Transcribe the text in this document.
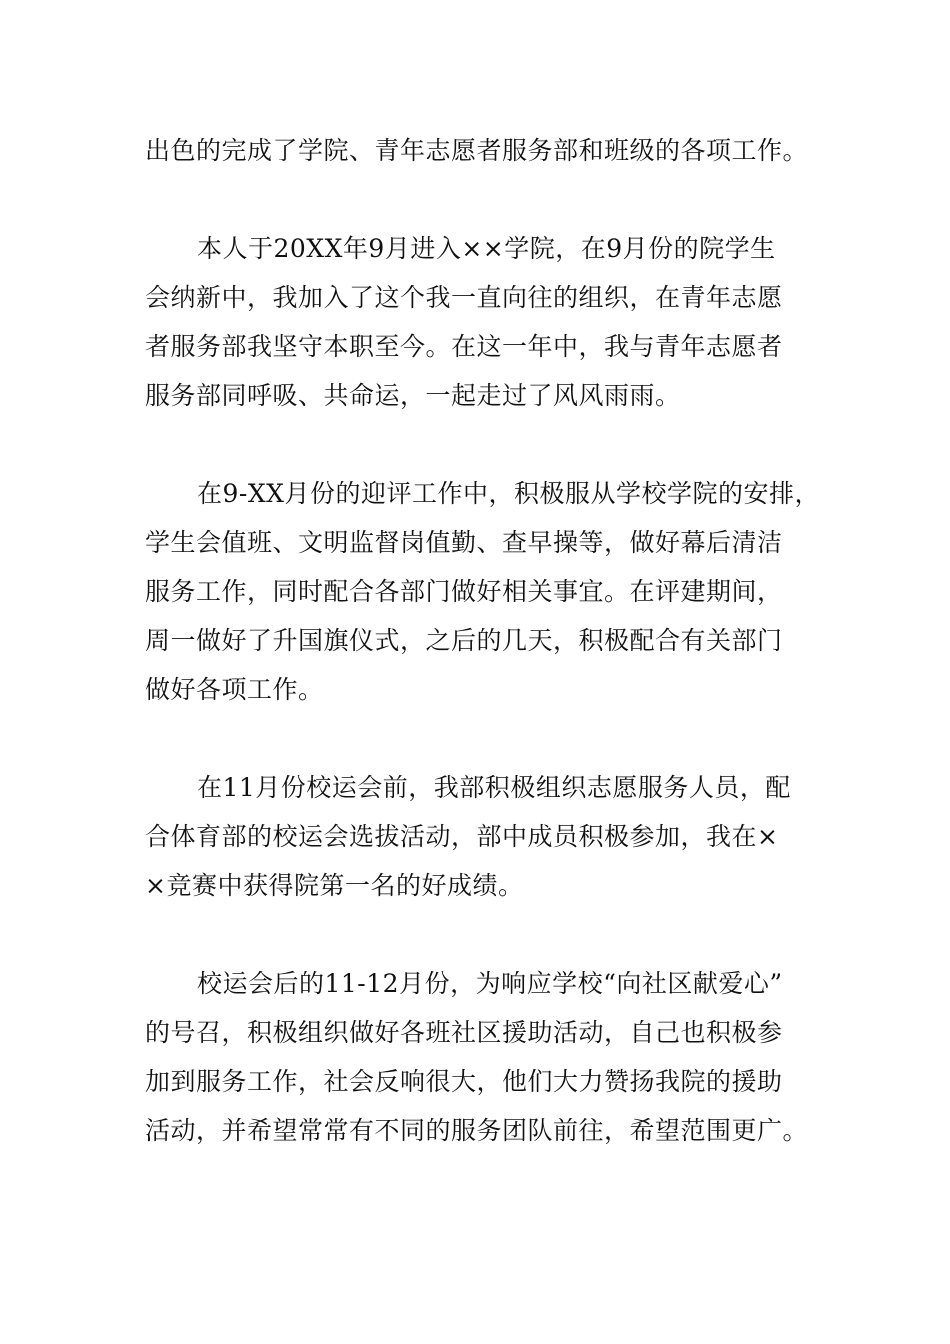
出色的完成了学院、青年志愿者服务部和班级的各项工作。
本人于20XX年9月进入××学院，在9月份的院学生
会纳新中，我加入了这个我一直向往的组织，在青年志愿
者服务部我坚守本职至今。在这一年中，我与青年志愿者
服务部同呼吸、共命运，一起走过了风风雨雨。
在9-XX月份的迎评工作中，积极服从学校学院的安排，
学生会值班、文明监督岗值勤、查早操等，做好幕后清洁
服务工作，同时配合各部门做好相关事宜。在评建期间，
周一做好了升国旗仪式，之后的几天，积极配合有关部门
做好各项工作。
在11月份校运会前，我部积极组织志愿服务人员，配
合体育部的校运会选拔活动，部中成员积极参加，我在×
×竞赛中获得院第一名的好成绩。
校运会后的11-12月份，为响应学校“向社区献爱心”
的号召，积极组织做好各班社区援助活动，自己也积极参
加到服务工作，社会反响很大，他们大力赞扬我院的援助
活动，并希望常常有不同的服务团队前往，希望范围更广。
